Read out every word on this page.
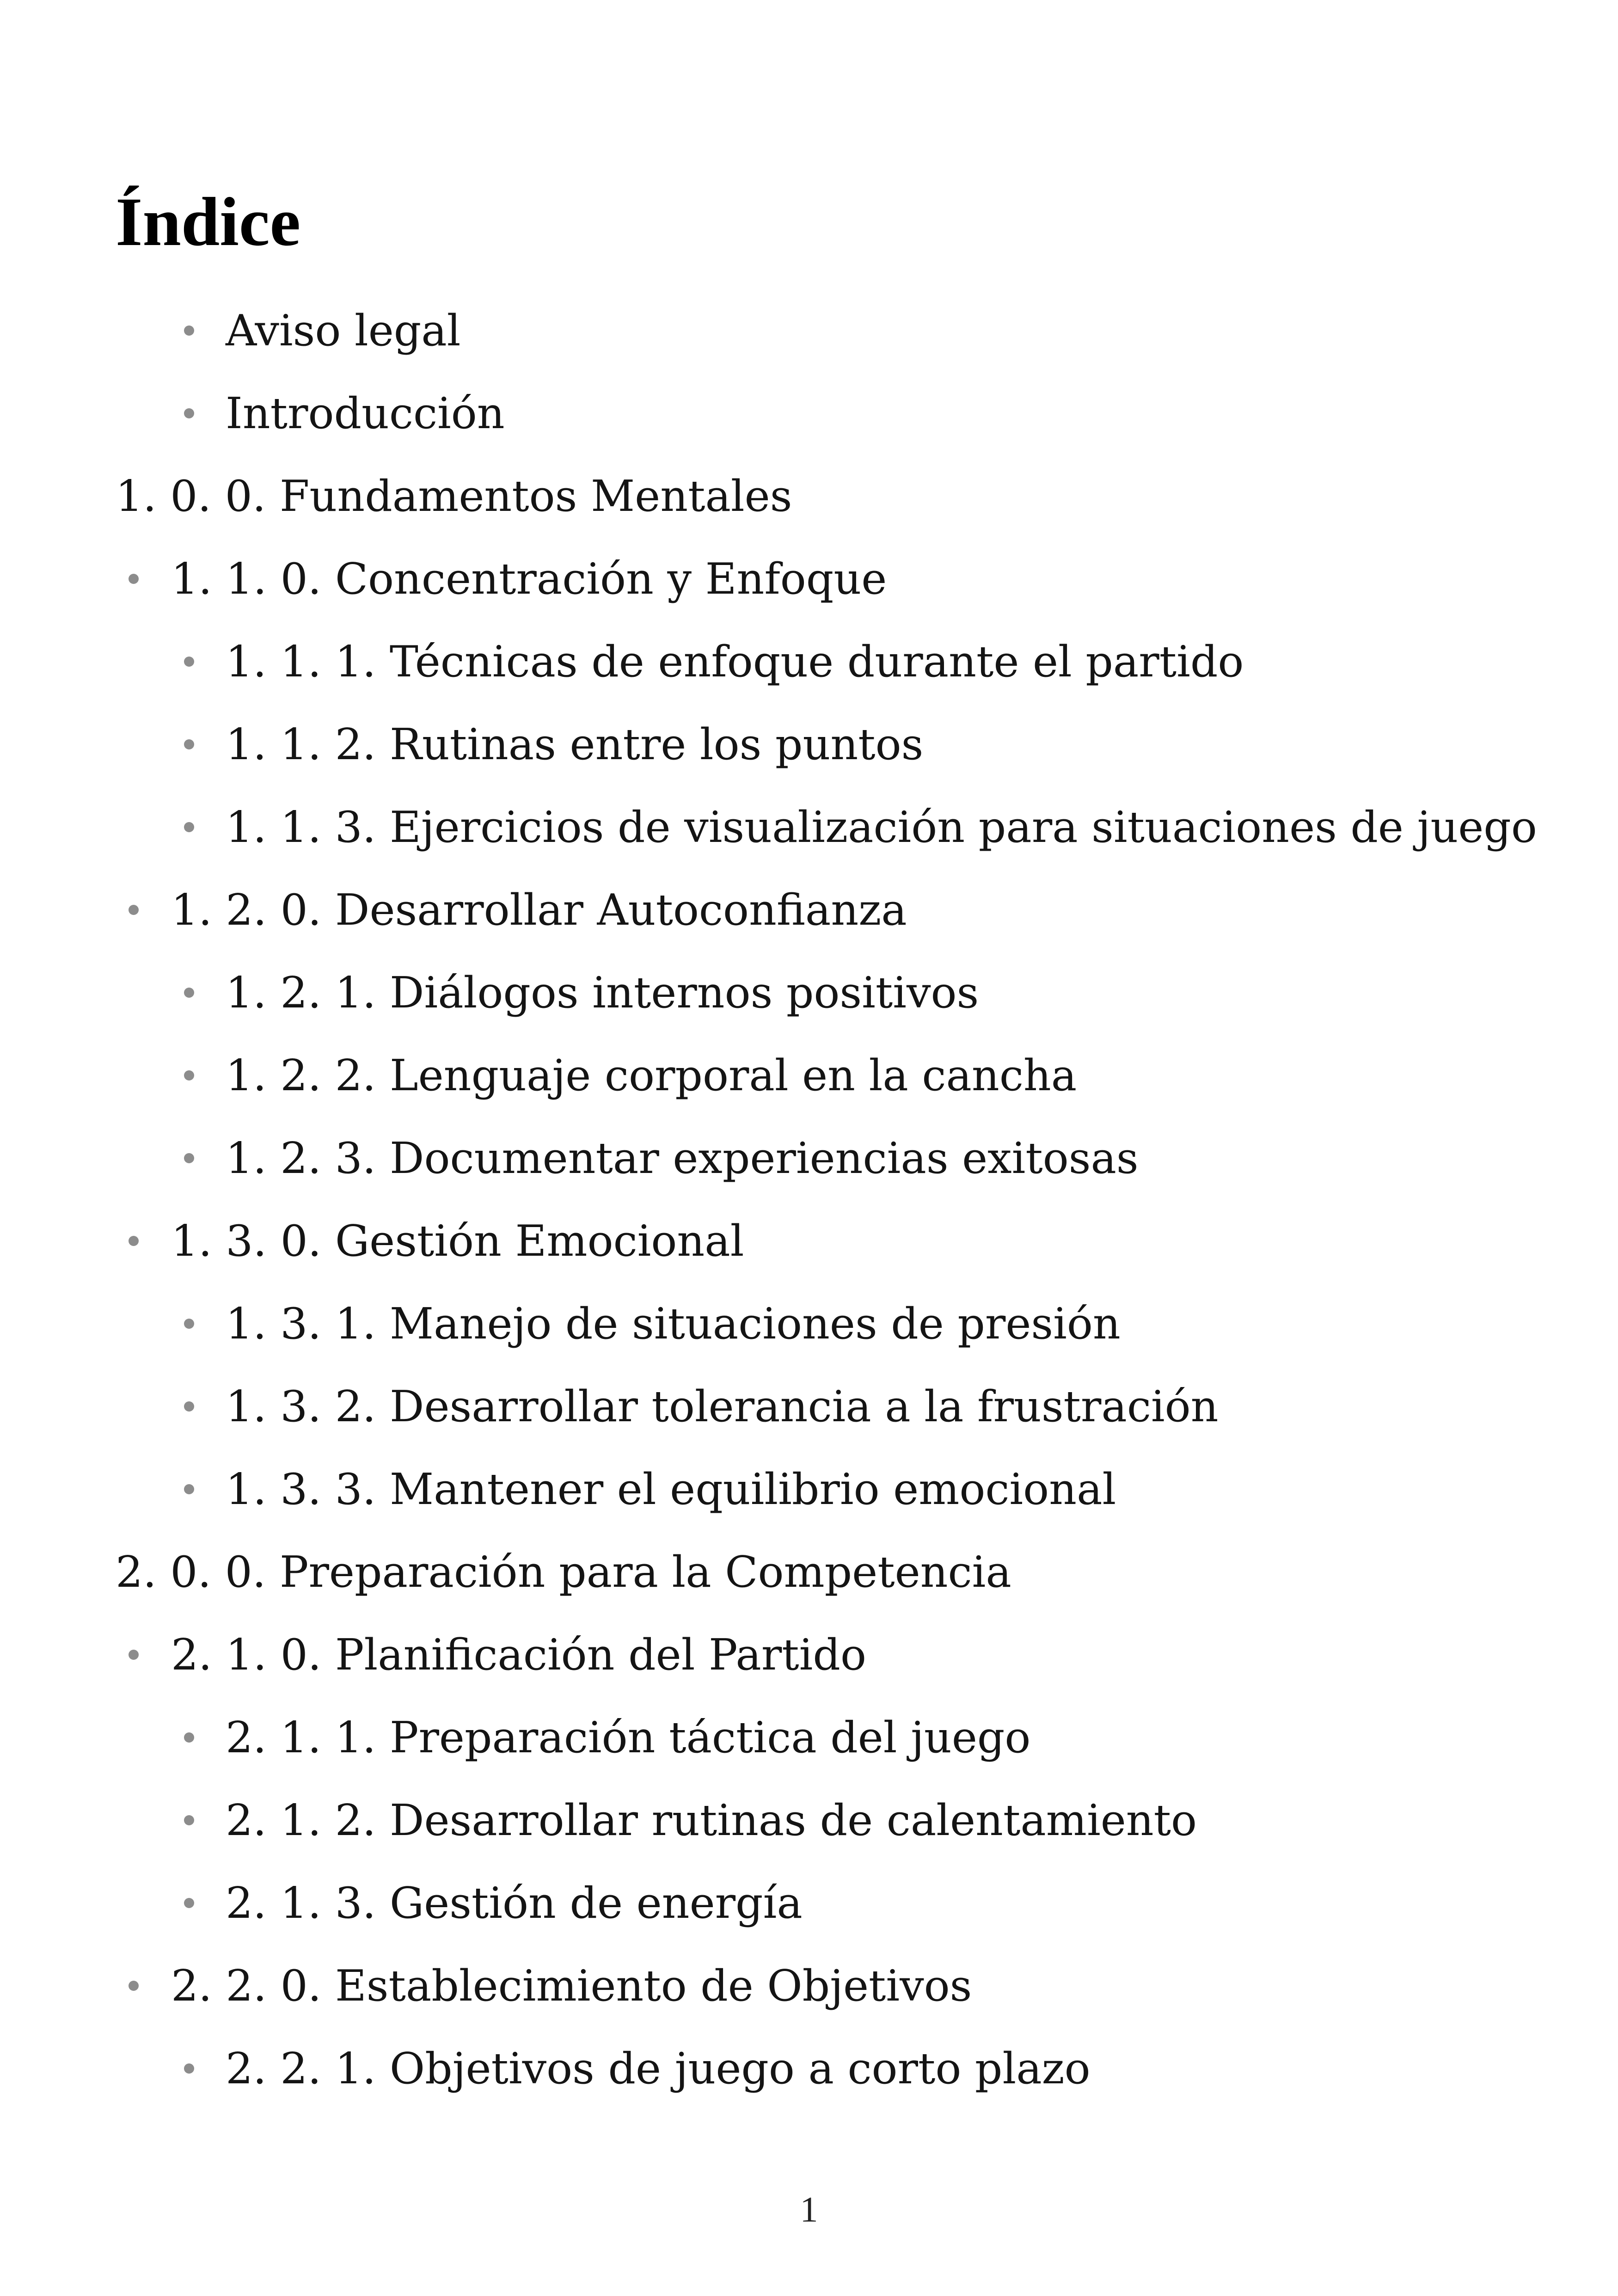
Índice
Aviso legal
Introducción
1. 0. 0. Fundamentos Mentales
1. 1. 0. Concentración y Enfoque
1. 1. 1. Técnicas de enfoque durante el partido
1. 1. 2. Rutinas entre los puntos
1. 1. 3. Ejercicios de visualización para situaciones de juego
1. 2. 0. Desarrollar Autoconfianza
1. 2. 1. Diálogos internos positivos
1. 2. 2. Lenguaje corporal en la cancha
1. 2. 3. Documentar experiencias exitosas
1. 3. 0. Gestión Emocional
1. 3. 1. Manejo de situaciones de presión
1. 3. 2. Desarrollar tolerancia a la frustración
1. 3. 3. Mantener el equilibrio emocional
2. 0. 0. Preparación para la Competencia
2. 1. 0. Planificación del Partido
2. 1. 1. Preparación táctica del juego
2. 1. 2. Desarrollar rutinas de calentamiento
2. 1. 3. Gestión de energía
2. 2. 0. Establecimiento de Objetivos
2. 2. 1. Objetivos de juego a corto plazo
1
